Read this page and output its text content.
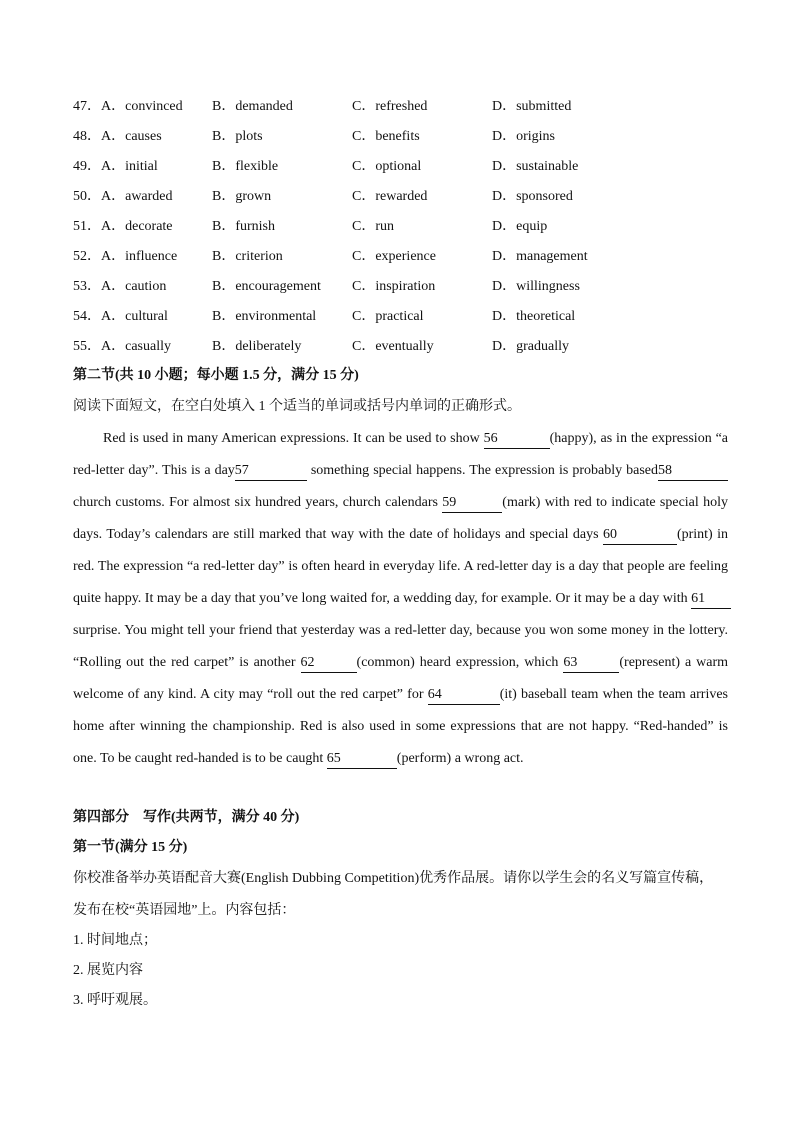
47． A．convinced B．demanded	C．refreshed	D．submitted
48． A．causes	B．plots	C．benefits	D．origins
49． A．initial	B．flexible	C．optional	D．sustainable
50． A．awarded	B．grown	C．rewarded	D．sponsored
51． A．decorate	B．furnish	C．run	D．equip
52． A．influence B．criterion	C．experience	D．management
53． A．caution	B．encouragement C．inspiration	D．willingness
54． A．cultural	B．environmental	C．practical	D．theoretical
55． A．casually	B．deliberately	C．eventually	D．gradually
第二节(共 10 小题；每小题 1.5 分，满分 15 分)
阅读下面短文，在空白处填入 1 个适当的单词或括号内单词的正确形式。
Red is used in many American expressions. It can be used to show 56	(happy), as in the expression “a
red-letter day”. This is a day57	something special happens. The expression is probably based58
church customs. For almost six hundred years, church calendars 59	(mark) with red to indicate special holy
days. Today’s calendars are still marked that way with the date of holidays and special days 60	(print) in
red. The expression “a red-letter day” is often heard in everyday life. A red-letter day is a day that people are feeling
quite happy. It may be a day that you’ve long waited for, a wedding day, for example. Or it may be a day with 61
surprise. You might tell your friend that yesterday was a red-letter day, because you won some money in the lottery.
“Rolling out the red carpet” is another 62	(common) heard expression, which 63	(represent) a warm
welcome of any kind. A city may “roll out the red carpet” for 64	(it) baseball team when the team arrives
home after winning the championship. Red is also used in some expressions that are not happy. “Red-handed” is
one. To be caught red-handed is to be caught 65	(perform) a wrong act.
第四部分　写作(共两节，满分 40 分)
第一节(满分 15 分)
你校准备举办英语配音大赛(English Dubbing Competition)优秀作品展。请你以学生会的名义写篇宣传稿，
发布在校“英语园地”上。内容包括：
1. 时间地点；
2. 展览内容
3. 呼吁观展。
